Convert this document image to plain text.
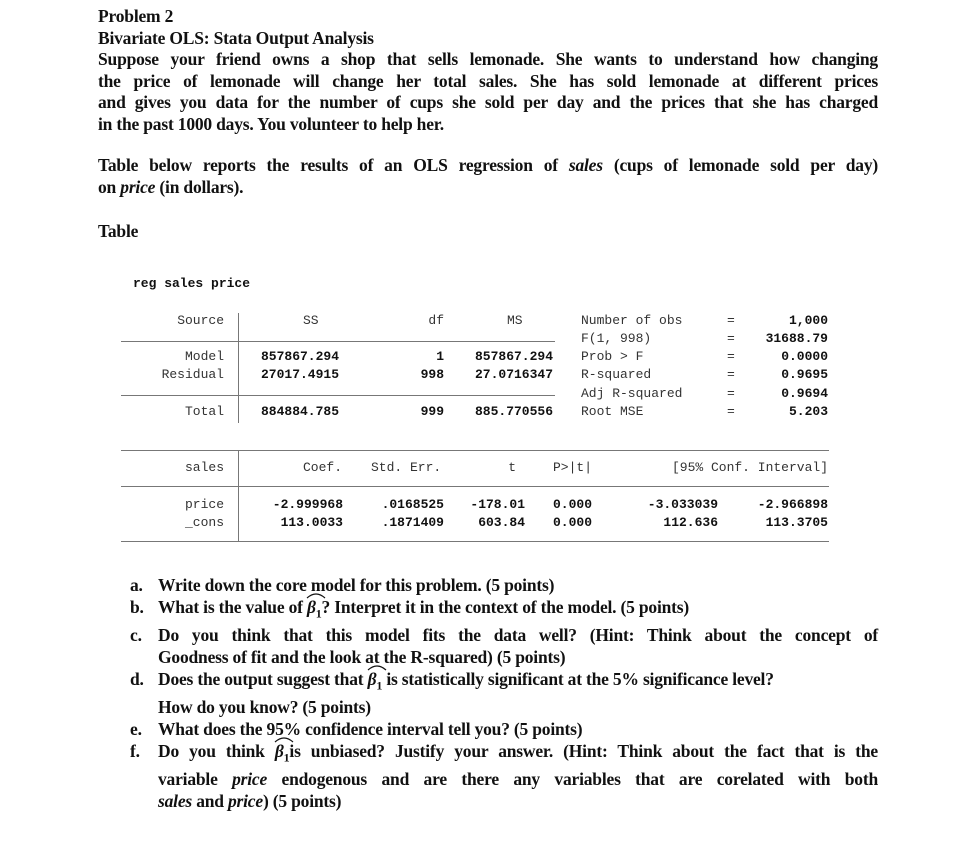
Problem 2
Bivariate OLS: Stata Output Analysis
Suppose your friend owns a shop that sells lemonade. She wants to understand how changing
the price of lemonade will change her total sales. She has sold lemonade at different prices
and gives you data for the number of cups she sold per day and the prices that she has charged
in the past 1000 days. You volunteer to help her.
Table below reports the results of an OLS regression of sales (cups of lemonade sold per day)
on price (in dollars).
Table
reg sales price
Source	SS	df	MS
Model	857867.294	1	857867.294
Residual	27017.4915	998	27.0716347
Total	884884.785	999	885.770556
Number of obs	=	1,000
F(1, 998)	=	31688.79
Prob > F	=	0.0000
R-squared	=	0.9695
Adj R-squared	=	0.9694
Root MSE	=	5.203
sales	Coef. Std. Err.	t	P>|t|	[95% Conf. Interval]
price	-2.999968	.0168525	-178.01 0.000	-3.033039	-2.966898
_cons	113.0033	.1871409	603.84 0.000	112.636	113.3705
a. Write down the core model for this problem. (5 points)
b. What is the value of
$\beta_1$? Interpret it in the context of the model. (5 points)
c. Do you think that this model fits the data well? (Hint: Think about the concept of
Goodness of fit and the look at the R-squared) (5 points)
d. Does the output suggest that
$\beta_1$ is statistically significant at the 5% significance level?
How do you know? (5 points)
e. What does the 95% confidence interval tell you? (5 points)
f. Do you think
$\beta_1is$ unbiased? Justify your answer. (Hint: Think about the fact that is the
variable price endogenous and are there any variables that are corelated with both
sales and price) (5 points)
